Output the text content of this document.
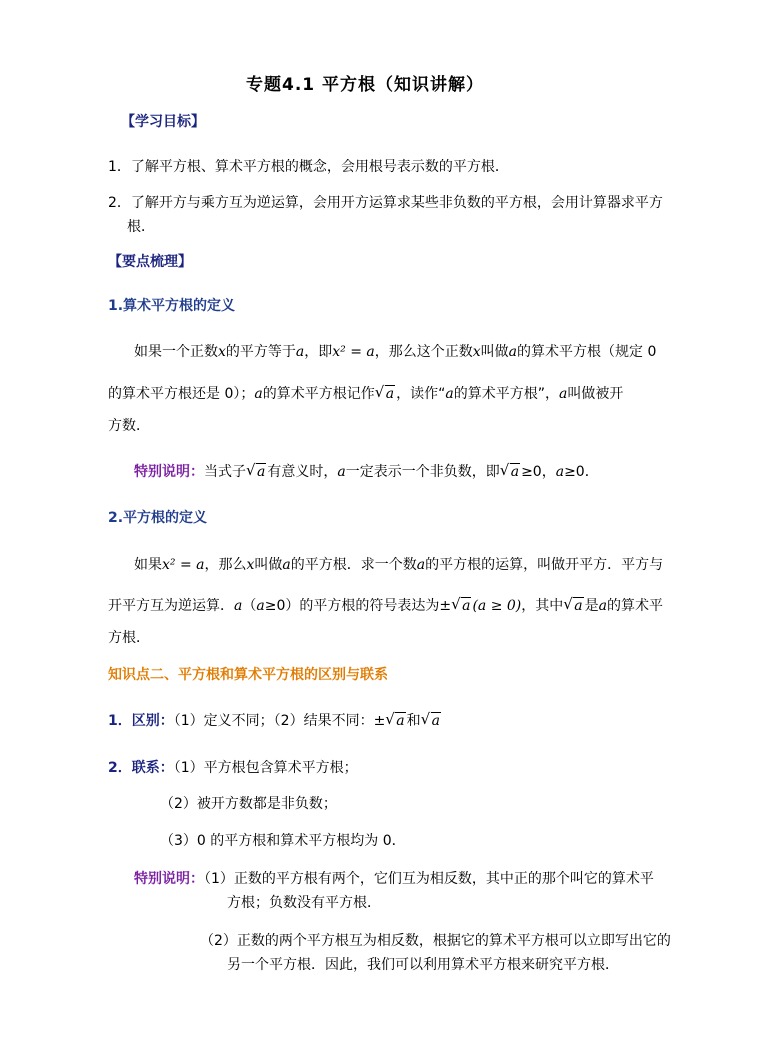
专题4.1 平方根（知识讲解）
【学习目标】
1．了解平方根、算术平方根的概念，会用根号表示数的平方根．
2．了解开方与乘方互为逆运算，会用开方运算求某些非负数的平方根，会用计算器求平方
根．
【要点梳理】
1.算术平方根的定义
如果一个正数x的平方等于a，即x² = a，那么这个正数x叫做a的算术平方根（规定 0
的算术平方根还是 0）；a的算术平方根记作 √ a ，读作“a的算术平方根”，a叫做被开
方数．
特别说明：当式子 √ a 有意义时，a一定表示一个非负数，即 √ a ≥0，a≥0．
2.平方根的定义
如果x² = a，那么x叫做a的平方根．求一个数a的平方根的运算，叫做开平方．平方与
开平方互为逆运算．a（a≥0）的平方根的符号表达为± √ a (a ≥ 0)，其中 √ a 是a的算术平
方根．
知识点二、平方根和算术平方根的区别与联系
1．区别：（1）定义不同；（2）结果不同：± √ a 和 √ a
2．联系：（1）平方根包含算术平方根；
（2）被开方数都是非负数；
（3）0 的平方根和算术平方根均为 0．
特别说明：（1）正数的平方根有两个，它们互为相反数，其中正的那个叫它的算术平
方根；负数没有平方根．
（2）正数的两个平方根互为相反数，根据它的算术平方根可以立即写出它的
另一个平方根．因此，我们可以利用算术平方根来研究平方根．
